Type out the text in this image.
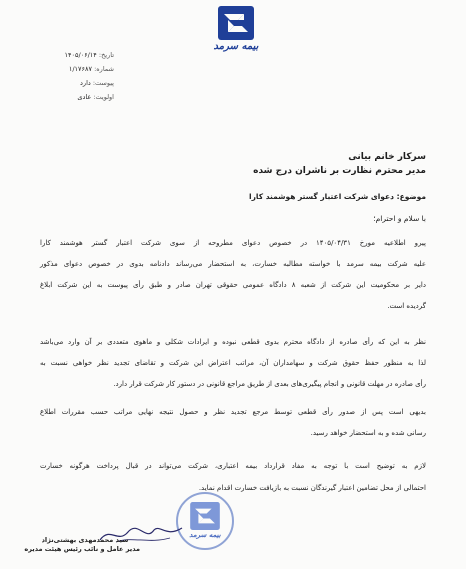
بیمه سرمد
تاریخ: ۱۴۰۵/۰۶/۱۴
شماره: ۱/۱۷۶۸۷
پیوست: دارد
اولویت: عادی
سرکار خانم بیانی
مدیر محترم نظارت بر ناشران درج شده
موضوع: دعوای شرکت اعتبار گستر هوشمند کارا
با سلام و احترام؛
پیرو اطلاعیه مورخ ۱۴۰۵/۰۴/۳۱ در خصوص دعوای مطروحه از سوی شرکت اعتبار گستر هوشمند کارا
علیه شرکت بیمه سرمد با خواسته مطالبه خسارت، به استحضار می‌رساند دادنامه بدوی در خصوص دعوای مذکور
دایر بر محکومیت این شرکت از شعبه ۸ دادگاه عمومی حقوقی تهران صادر و طبق رأی پیوست به این شرکت ابلاغ
گردیده است.
نظر به این که رأی صادره از دادگاه محترم بدوی قطعی نبوده و ایرادات شکلی و ماهوی متعددی بر آن وارد می‌باشد
لذا به منظور حفظ حقوق شرکت و سهامداران آن، مراتب اعتراض این شرکت و تقاضای تجدید نظر خواهی نسبت به
رأی صادره در مهلت قانونی و انجام پیگیری‌های بعدی از طریق مراجع قانونی در دستور کار شرکت قرار دارد.
بدیهی است پس از صدور رأی قطعی توسط مرجع تجدید نظر و حصول نتیجه نهایی مراتب حسب مقررات اطلاع
رسانی شده و به استحضار خواهد رسید.
لازم به توضیح است با توجه به مفاد قرارداد بیمه اعتباری، شرکت می‌تواند در قبال پرداخت هرگونه خسارت
احتمالی از محل تضامین اعتبار گیرندگان نسبت به بازیافت خسارت اقدام نماید.
بیمه سرمد
سید محمدمهدی بهشتی‌نژاد
مدیر عامل و نائب رئیس هیئت مدیره
